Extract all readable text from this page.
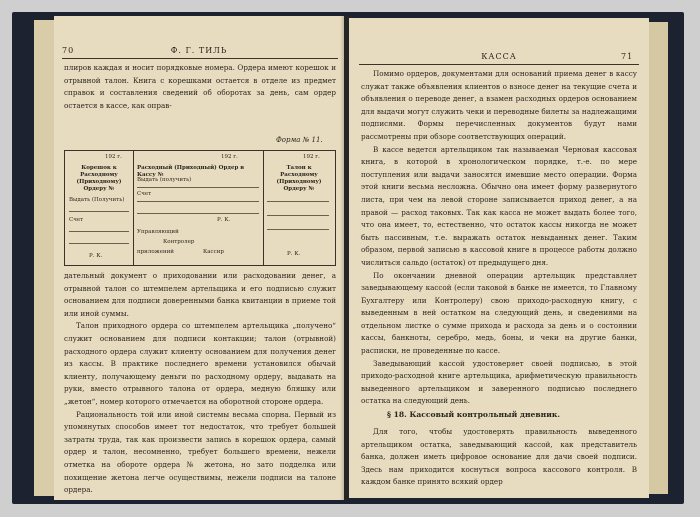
70	Ф. Г. ТИЛЬ

плиров каждая и носит порядковые номера. Ордера имеют корешок и отрывной талон. Книга с корешками остается в отделе из предмет справок и составления сведений об оборотах за день, сам ордер остается в кассе, как оправ-

Форма № 11.
192 г.
Корешок к Расходному (Приходному) Ордеру №
Выдать (Получить)
Счет
Р. К.
192 г.
Расходный (Приходный) Ордер в Кассу №
Выдать (получить)
Счет
Р. К.
Управляющий
Контролер
приложений	Кассир
192 г.
Талон к Расходному (Приходному) Ордеру №
Р. К.

дательный документ о приходовании или расходовании денег, а отрывной талон со штемпелем артельщика и его подписью служит основанием для подписи доверенными банка квитанции в приеме той или иной суммы.

Талон приходного ордера со штемпелем артельщика „получено“ служит основанием для подписи контакции; талон (отрывной) расходного ордера служит клиенту основанием для получения денег из кассы. В практике последнего времени установился обычай клиенту, получающему деньги по расходному ордеру, выдавать на руки, вместо отрывного талона от ордера, медную бляшку или „жетон“, номер которого отмечается на оборотной стороне ордера.

Рациональность той или иной системы весьма спорна. Первый из упомянутых способов имеет тот недостаток, что требует большей затраты труда, так как произвести запись в корешок ордера, самый ордер и талон, несомненно, требует большего времени, нежели отметка на обороте ордера № жетона, но зато подделка или похищение жетона легче осуществимы, нежели подписи на талоне ордера.

КАССА	71

Помимо ордеров, документами для оснований приема денег в кассу служат также объявления клиентов о взносе денег на текущие счета и объявления о переводе денег, а взамен расходных ордеров основанием для выдачи могут служить чеки и переводные билеты за надлежащими подписями. Формы перечисленных документов будут нами рассмотрены при обзоре соответствующих операций.

В кассе ведется артельщиком так называемая Черновая кассовая книга, в которой в хронологическом порядке, т.-е. по мере поступления или выдачи заносятся имевшие место операции. Форма этой книги весьма несложна. Обычно она имеет форму развернутого листа, при чем на левой стороне записывается приход денег, а на правой — расход таковых. Так как касса не может выдать более того, что она имеет, то, естественно, что остаток кассы никогда не может быть пассивным, т.е. выражать остаток невыданных денег. Таким образом, первой записью в кассовой книге в процессе работы должно числиться сальдо (остаток) от предыдущего дня.

По окончании дневной операции артельщик представляет заведывающему кассой (если таковой в банке не имеется, то Главному Бухгалтеру или Контролеру) свою приходо-расходную книгу, с выведенным в ней остатком на следующий день, и сведениями на отдельном листке о сумме прихода и расхода за день и о состоянии кассы, банкноты, серебро, медь, боны, и чеки на другие банки, расписки, не проведенные по кассе.

Заведывающий кассой удостоверяет своей подписью, в этой приходо-расходной книге артельщика, арифметическую правильность выведенного артельщиком и заверенного подписью последнего остатка на следующий день.

§ 18. Кассовый контрольный дневник.

Для того, чтобы удостоверять правильность выведенного артельщиком остатка, заведывающий кассой, как представитель банка, должен иметь цифровое основание для дачи своей подписи. Здесь нам приходится коснуться вопроса кассового контроля. В каждом банке принято всякий ордер
